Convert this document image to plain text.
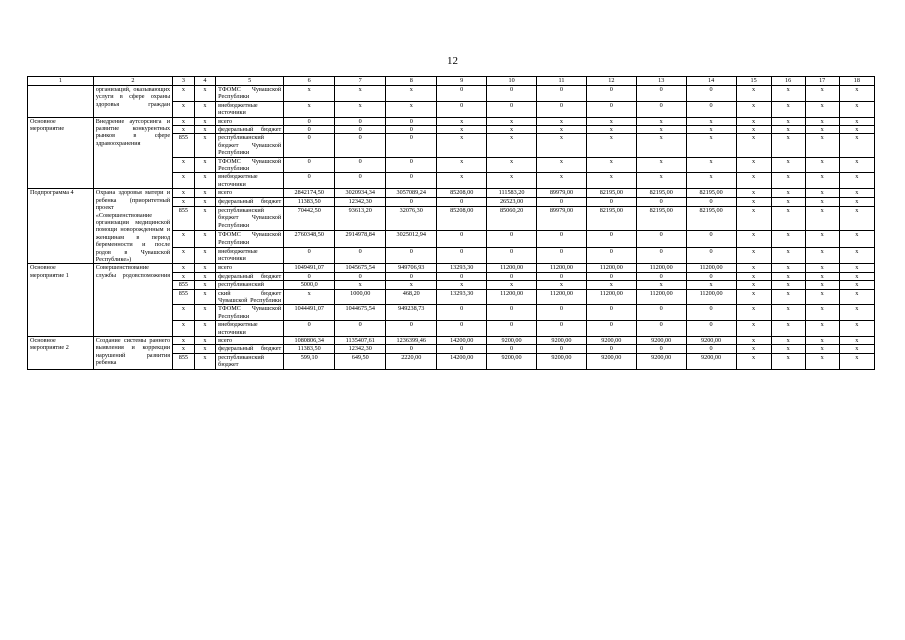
12
1	2	3	4	5	6	7	8	9	10	11	12	13	14	15	16	17	18
	организаций, оказывающих услуги в сфере охраны здоровья граждан	x	x	ТФОМС Чувашской Республики	x	x	x	0	0	0	0	0	0	x	x	x	x
		x	x	внебюджетные источники	x	x	x	0	0	0	0	0	0	x	x	x	x
Основное мероприятие	Внедрение аутсорсинга и развитие конкурентных рынков в сфере здравоохранения	x	x	всего	0	0	0	x	x	x	x	x	x	x	x	x	x
		x	x	федеральный бюджет	0	0	0	x	x	x	x	x	x	x	x	x	x
		855	x	республиканский бюджет Чувашской Республики	0	0	0	x	x	x	x	x	x	x	x	x	x
		x	x	ТФОМС Чувашской Республики	0	0	0	x	x	x	x	x	x	x	x	x	x
		x	x	внебюджетные источники	0	0	0	x	x	x	x	x	x	x	x	x	x
Подпрограмма 4	Охрана здоровья матери и ребенка (приоритетный проект «Совершенствование организации медицинской помощи новорожденным и женщинам в период беременности и после родов в Чувашской Республике»)	x	x	всего	2842174,50	3020934,34	3057089,24	85208,00	111583,20	89979,00	82195,00	82195,00	82195,00	x	x	x	x
		x	x	федеральный бюджет	11383,50	12342,30	0	0	26523,00	0	0	0	0	x	x	x	x
		855	x	республиканский бюджет Чувашской Республики	70442,50	93613,20	32076,30	85208,00	85060,20	89979,00	82195,00	82195,00	82195,00	x	x	x	x
		x	x	ТФОМС Чувашской Республики	2760348,50	2914978,84	3025012,94	0	0	0	0	0	0	x	x	x	x
		x	x	внебюджетные источники	0	0	0	0	0	0	0	0	0	x	x	x	x
Основное мероприятие 1	Совершенствование службы родовспоможения	x	x	всего	1049491,07	1045675,54	949706,93	13293,30	11200,00	11200,00	11200,00	11200,00	11200,00	x	x	x	x
		x	x	федеральный бюджет	0	0	0	0	0	0	0	0	0	x	x	x	x
		855	x	республиканский	5000,0	x	x	x	x	x	x	x	x	x	x	x	x
		855	x	ский бюджет Чувашской Республики	x	1000,00	468,20	13293,30	11200,00	11200,00	11200,00	11200,00	11200,00	x	x	x	x
		x	x	ТФОМС Чувашской Республики	1044491,07	1044675,54	949238,73	0	0	0	0	0	0	x	x	x	x
		x	x	внебюджетные источники	0	0	0	0	0	0	0	0	0	x	x	x	x
Основное мероприятие 2	Создание системы раннего выявления и коррекции нарушений развития ребенка	x	x	всего	1080806,34	1135407,61	1236399,46	14200,00	9200,00	9200,00	9200,00	9200,00	9200,00	x	x	x	x
		x	x	федеральный бюджет	11383,50	12342,30	0	0	0	0	0	0	0	x	x	x	x
		855	x	республиканский бюджет	599,10	649,50	2220,00	14200,00	9200,00	9200,00	9200,00	9200,00	9200,00	x	x	x	x
